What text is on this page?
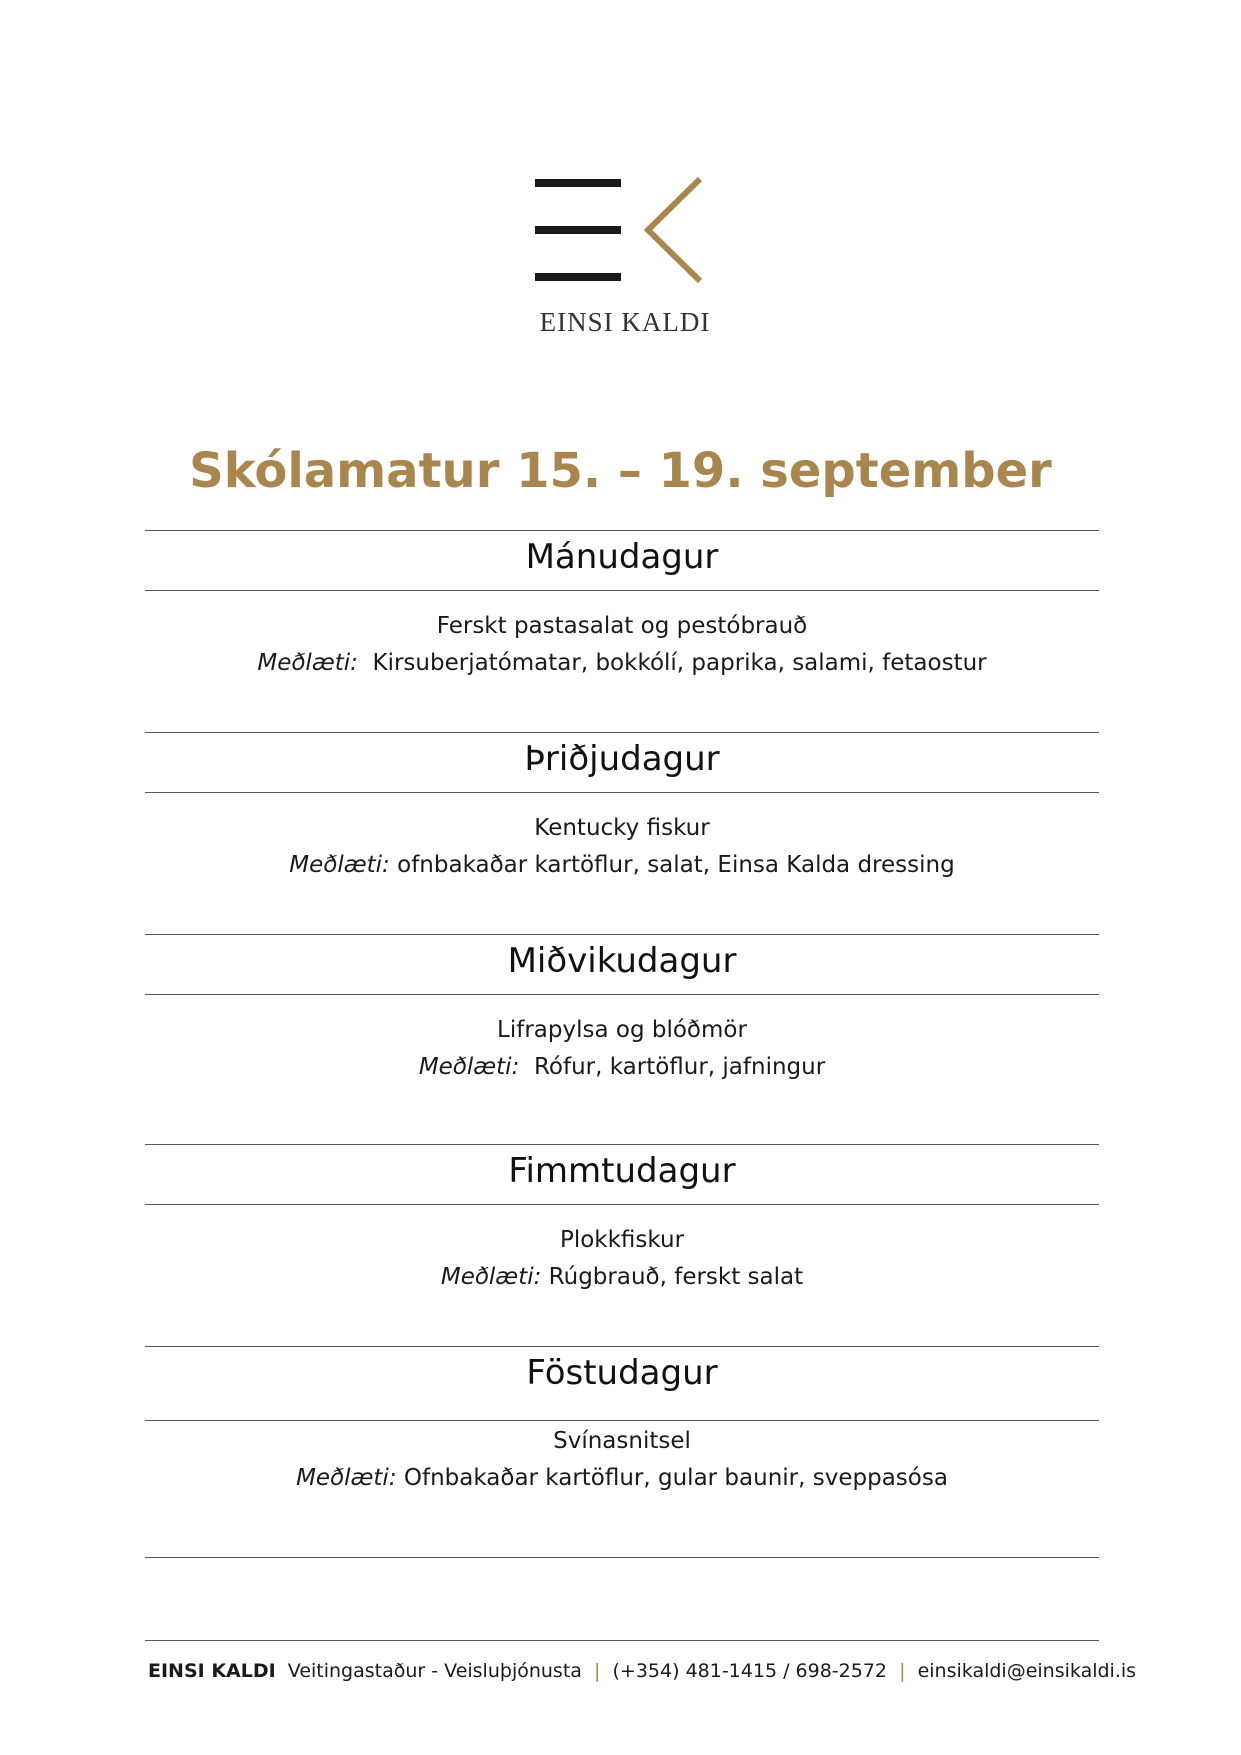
EINSI KALDI
Skólamatur 15. – 19. september
Mánudagur
Ferskt pastasalat og pestóbrauð
Meðlæti:  Kirsuberjatómatar, bokkólí, paprika, salami, fetaostur
Þriðjudagur
Kentucky fiskur
Meðlæti: ofnbakaðar kartöflur, salat, Einsa Kalda dressing
Miðvikudagur
Lifrapylsa og blóðmör
Meðlæti:  Rófur, kartöflur, jafningur
Fimmtudagur
Plokkfiskur
Meðlæti: Rúgbrauð, ferskt salat
Föstudagur
Svínasnitsel
Meðlæti: Ofnbakaðar kartöflur, gular baunir, sveppasósa
EINSI KALDI Veitingastaður - Veisluþjónusta | (+354) 481-1415 / 698-2572 | einsikaldi@einsikaldi.is
